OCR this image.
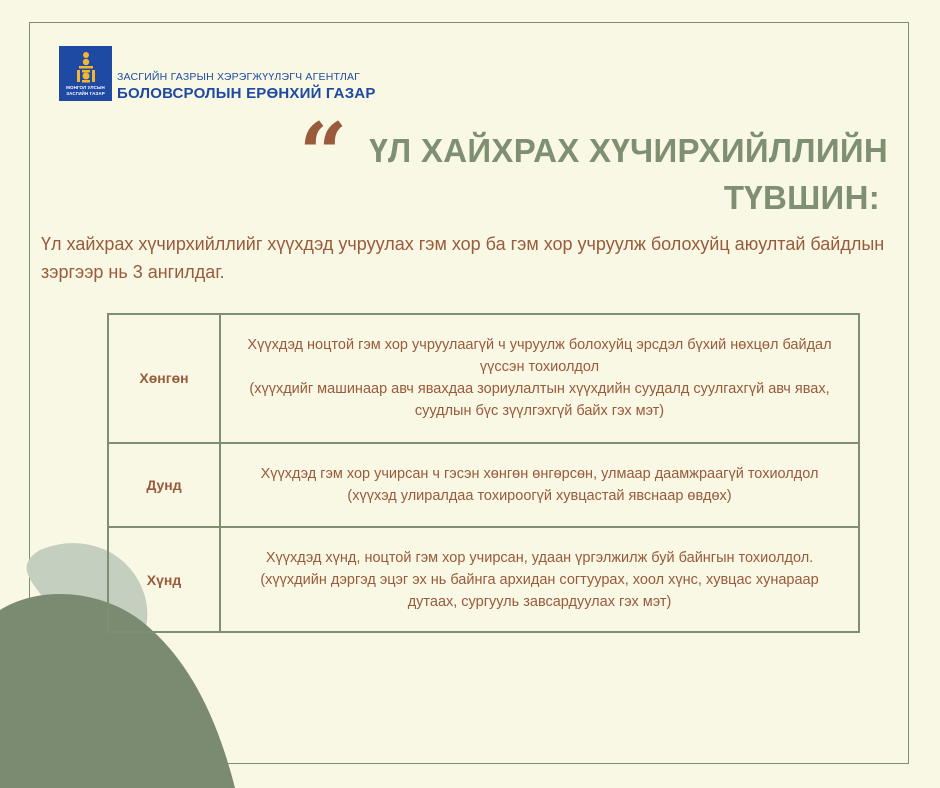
МОНГОЛ УЛСЫН
ЗАСГИЙН ГАЗАР
ЗАСГИЙН ГАЗРЫН ХЭРЭГЖҮҮЛЭГЧ АГЕНТЛАГ
БОЛОВСРОЛЫН ЕРӨНХИЙ ГАЗАР
“ ҮЛ ХАЙХРАХ ХҮЧИРХИЙЛЛИЙН
ТҮВШИН:
Үл хайхрах хүчирхийллийг хүүхдэд учруулах гэм хор ба гэм хор учруулж болохуйц аюултай байдлын зэргээр нь 3 ангилдаг.
Хөнгөн	Хүүхдэд ноцтой гэм хор учруулаагүй ч учруулж болохуйц эрсдэл бүхий нөхцөл байдал үүссэн тохиолдол
(хүүхдийг машинаар авч явахдаа зориулалтын хүүхдийн суудалд суулгахгүй авч явах, суудлын бүс зүүлгэхгүй байх гэх мэт)

Дунд	Хүүхдэд гэм хор учирсан ч гэсэн хөнгөн өнгөрсөн, улмаар даамжраагүй тохиолдол (хүүхэд улиралдаа тохироогүй хувцастай явснаар өвдөх)

Хүнд	Хүүхдэд хүнд, ноцтой гэм хор учирсан, удаан үргэлжилж буй байнгын тохиолдол. (хүүхдийн дэргэд эцэг эх нь байнга архидан согтуурах, хоол хүнс, хувцас хунараар дутаах, сургууль завсардуулах гэх мэт)
